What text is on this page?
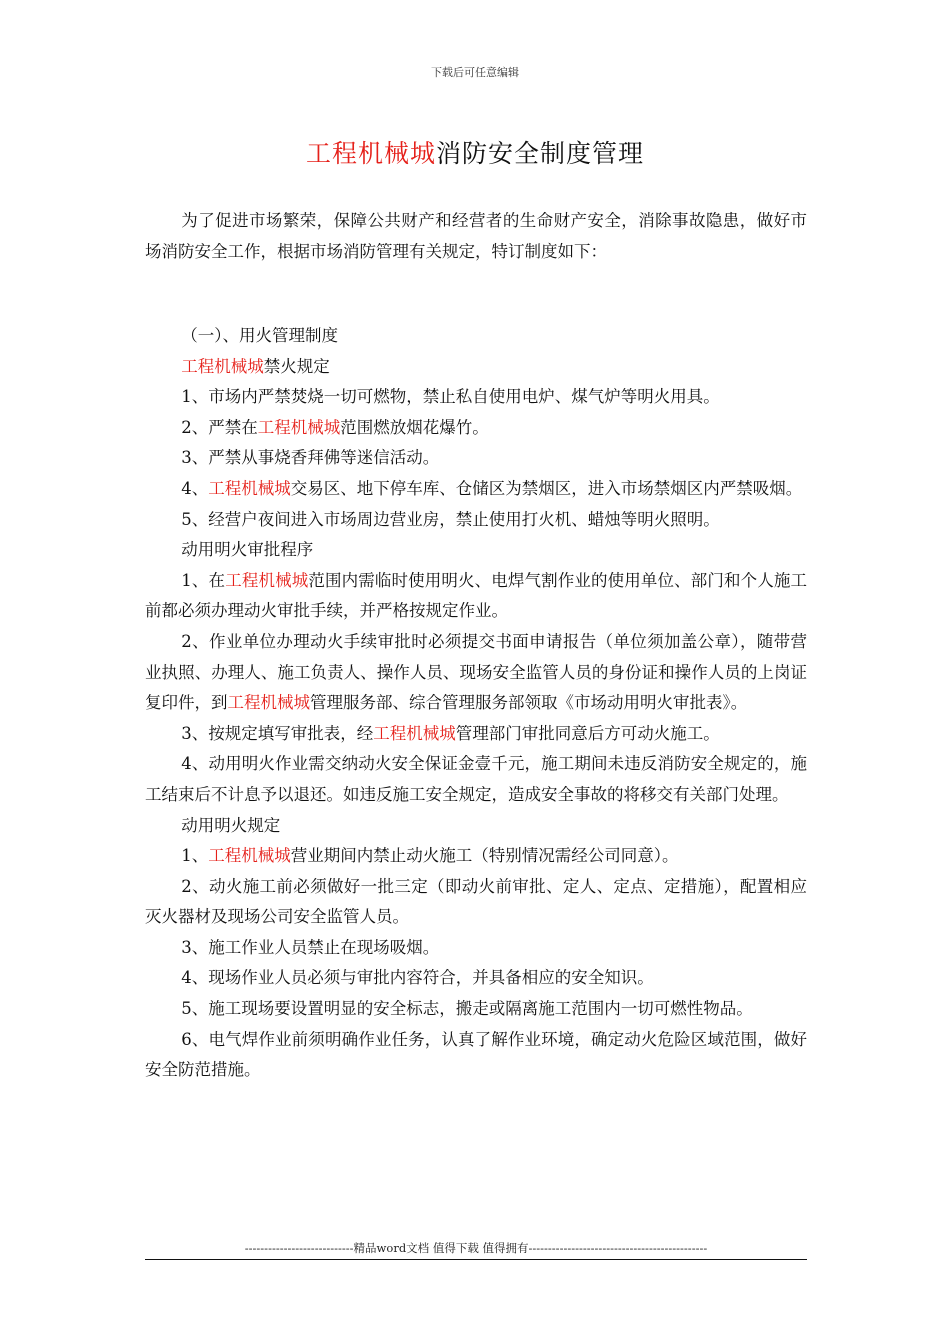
下载后可任意编辑
工程机械城消防安全制度管理

为了促进市场繁荣，保障公共财产和经营者的生命财产安全，消除事故隐患，做好市场消防安全工作，根据市场消防管理有关规定，特订制度如下：

（一）、用火管理制度

工程机械城禁火规定

1、市场内严禁焚烧一切可燃物，禁止私自使用电炉、煤气炉等明火用具。

2、严禁在工程机械城范围燃放烟花爆竹。

3、严禁从事烧香拜佛等迷信活动。

4、工程机械城交易区、地下停车库、仓储区为禁烟区，进入市场禁烟区内严禁吸烟。

5、经营户夜间进入市场周边营业房，禁止使用打火机、蜡烛等明火照明。

动用明火审批程序

1、在工程机械城范围内需临时使用明火、电焊气割作业的使用单位、部门和个人施工前都必须办理动火审批手续，并严格按规定作业。

2、作业单位办理动火手续审批时必须提交书面申请报告（单位须加盖公章），随带营业执照、办理人、施工负责人、操作人员、现场安全监管人员的身份证和操作人员的上岗证复印件，到工程机械城管理服务部、综合管理服务部领取《市场动用明火审批表》。

3、按规定填写审批表，经工程机械城管理部门审批同意后方可动火施工。

4、动用明火作业需交纳动火安全保证金壹千元，施工期间未违反消防安全规定的，施工结束后不计息予以退还。如违反施工安全规定，造成安全事故的将移交有关部门处理。

动用明火规定

1、工程机械城营业期间内禁止动火施工（特别情况需经公司同意）。

2、动火施工前必须做好一批三定（即动火前审批、定人、定点、定措施），配置相应灭火器材及现场公司安全监管人员。

3、施工作业人员禁止在现场吸烟。

4、现场作业人员必须与审批内容符合，并具备相应的安全知识。

5、施工现场要设置明显的安全标志，搬走或隔离施工范围内一切可燃性物品。

6、电气焊作业前须明确作业任务，认真了解作业环境，确定动火危险区域范围，做好安全防范措施。

----------------------------精品word文档 值得下载 值得拥有----------------------------------------------
